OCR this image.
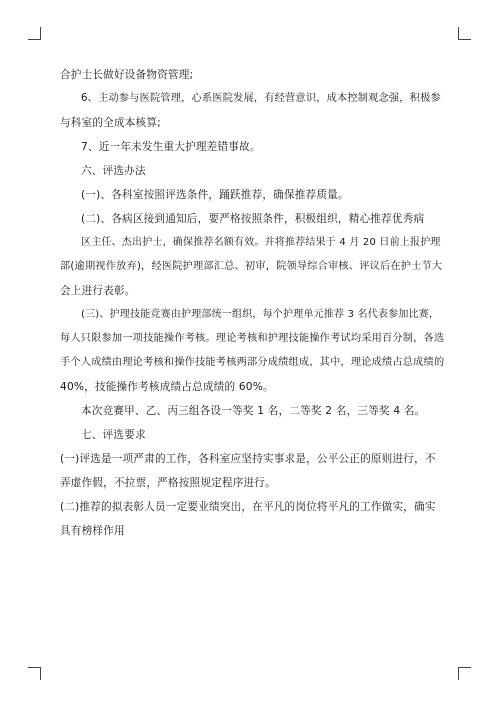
合护士长做好设备物资管理;

6、主动参与医院管理，心系医院发展，有经营意识，成本控制观念强，积极参

与科室的全成本核算;

7、近一年未发生重大护理差错事故。

六、评选办法

(一)、各科室按照评选条件，踊跃推荐，确保推荐质量。

(二)、各病区接到通知后，要严格按照条件，积极组织，精心推荐优秀病

区主任、杰出护士，确保推荐名额有效。并将推荐结果于 4 月 20 日前上报护理

部(逾期视作放弃)，经医院护理部汇总、初审，院领导综合审核、评议后在护士节大

会上进行表彰。

(三)、护理技能竞赛由护理部统一组织，每个护理单元推荐 3 名代表参加比赛，

每人只限参加一项技能操作考核。理论考核和护理技能操作考试均采用百分制，各选

手个人成绩由理论考核和操作技能考核两部分成绩组成，其中，理论成绩占总成绩的

40%，技能操作考核成绩占总成绩的 60%。

本次竞赛甲、乙、丙三组各设一等奖 1 名，二等奖 2 名，三等奖 4 名。

七、评选要求

(一)评选是一项严肃的工作，各科室应坚持实事求是，公平公正的原则进行，不

弄虚作假，不拉票，严格按照规定程序进行。

(二)推荐的拟表彰人员一定要业绩突出，在平凡的岗位将平凡的工作做实，确实

具有榜样作用
